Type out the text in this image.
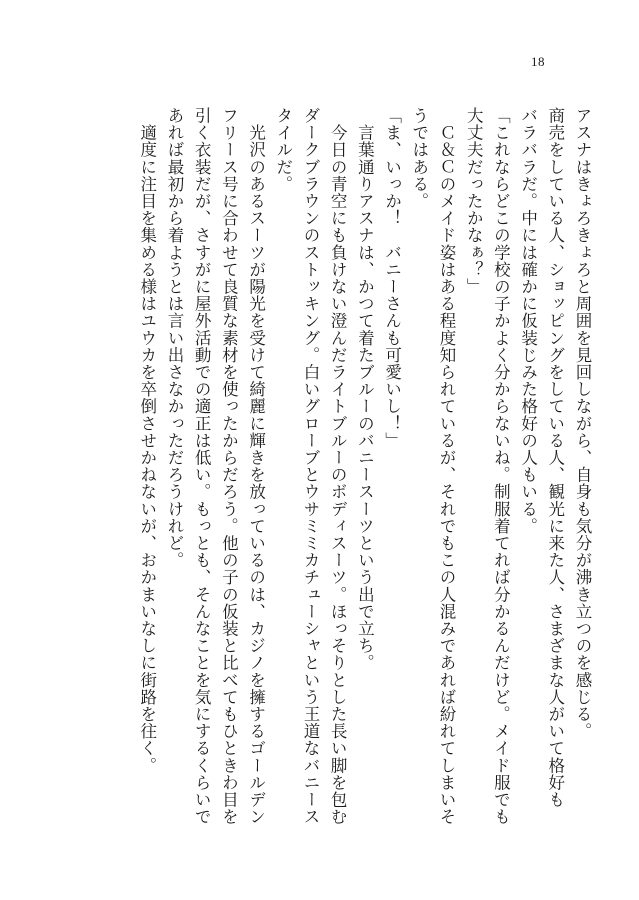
18

アスナはきょろきょろと周囲を見回しながら、自身も気分が沸き立つのを感じる。

商売をしている人、ショッピングをしている人、観光に来た人、さまざまな人がいて格好も

バラバラだ。中には確かに仮装じみた格好の人もいる。

「これならどこの学校の子かよく分からないね。制服着てれば分かるんだけど。メイド服でも

大丈夫だったかなぁ？」

　Ｃ＆Ｃのメイド姿はある程度知られているが、それでもこの人混みであれば紛れてしまいそ

うではある。

「ま、いっか！　バニーさんも可愛いし！」

　言葉通りアスナは、かつて着たブルーのバニースーツという出で立ち。

　今日の青空にも負けない澄んだライトブルーのボディスーツ。ほっそりとした長い脚を包む

ダークブラウンのストッキング。白いグローブとウサミミカチューシャという王道なバニース

タイルだ。

　光沢のあるスーツが陽光を受けて綺麗に輝きを放っているのは、カジノを擁するゴールデン

フリース号に合わせて良質な素材を使ったからだろう。他の子の仮装と比べてもひときわ目を

引く衣装だが、さすがに屋外活動での適正は低い。もっとも、そんなことを気にするくらいで

あれば最初から着ようとは言い出さなかっただろうけれど。

　適度に注目を集める様はユウカを卒倒させかねないが、おかまいなしに街路を往く。
